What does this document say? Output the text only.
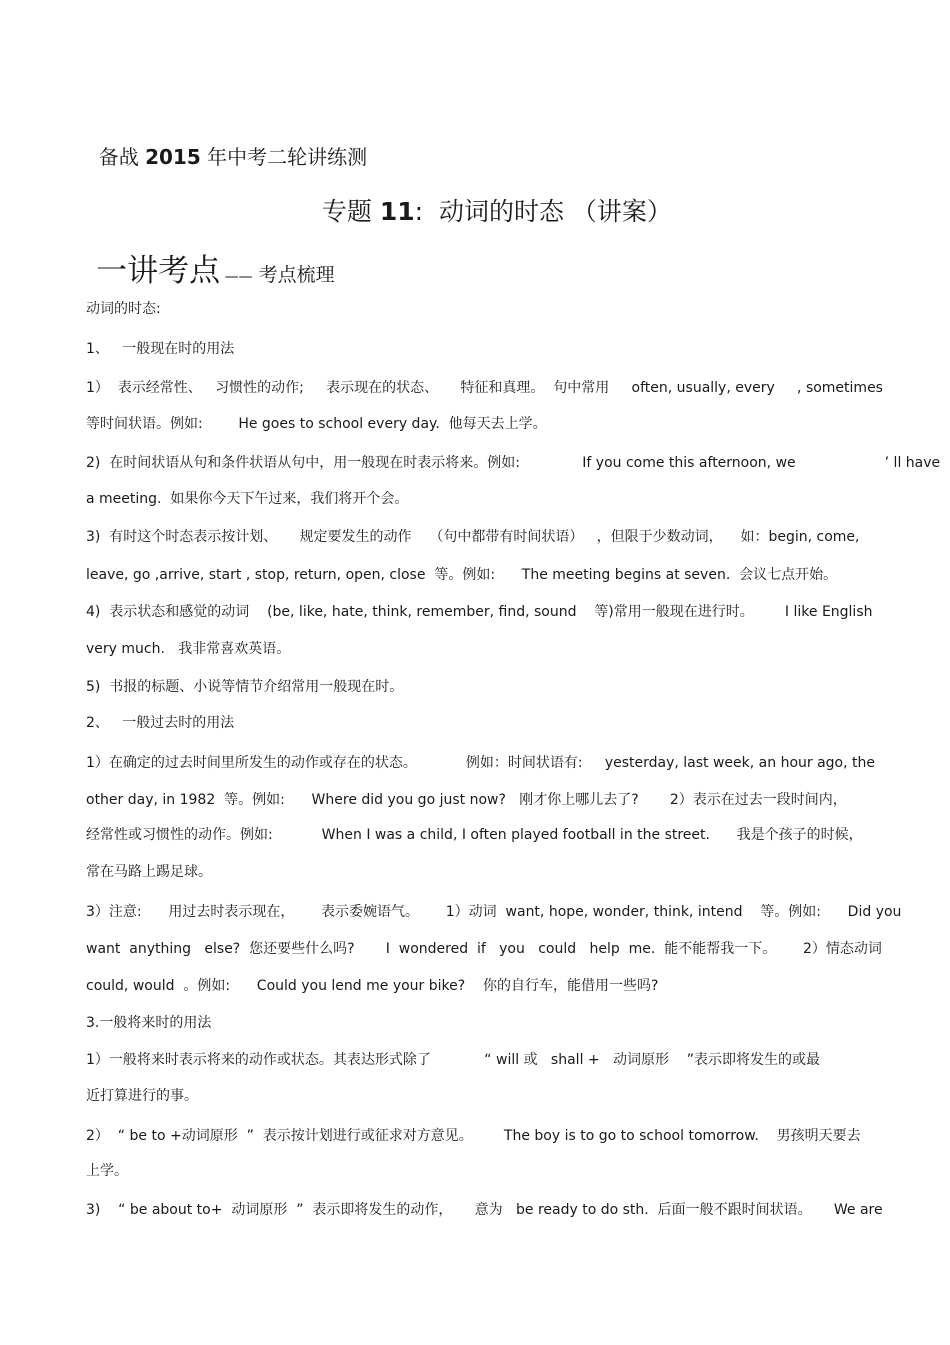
备战 2015 年中考二轮讲练测

专题 11:  动词的时态 （讲案）

一讲考点 —— 考点梳理

动词的时态:
1、   一般现在时的用法
1）  表示经常性、   习惯性的动作;     表示现在的状态、     特征和真理。  句中常用     often, usually, every     , sometimes
等时间状语。例如:        He goes to school every day.  他每天去上学。
2)  在时间状语从句和条件状语从句中，用一般现在时表示将来。例如:              If you come this afternoon, we                    ’ ll have
a meeting.  如果你今天下午过来，我们将开个会。
3)  有时这个时态表示按计划、     规定要发生的动作    （句中都带有时间状语）   ，但限于少数动词，    如：begin, come,
leave, go ,arrive, start , stop, return, open, close  等。例如:      The meeting begins at seven.  会议七点开始。
4)  表示状态和感觉的动词    (be, like, hate, think, remember, find, sound    等)常用一般现在进行时。       I like English
very much.   我非常喜欢英语。
5)  书报的标题、小说等情节介绍常用一般现在时。
2、   一般过去时的用法
1）在确定的过去时间里所发生的动作或存在的状态。           例如：时间状语有:     yesterday, last week, an hour ago, the
other day, in 1982  等。例如:      Where did you go just now?   刚才你上哪儿去了?       2）表示在过去一段时间内，
经常性或习惯性的动作。例如:           When I was a child, I often played football in the street.      我是个孩子的时候，
常在马路上踢足球。
3）注意:      用过去时表示现在，      表示委婉语气。      1）动词  want, hope, wonder, think, intend    等。例如:      Did you
want  anything   else?  您还要些什么吗?       I  wondered  if   you   could   help  me.  能不能帮我一下。      2）情态动词
could, would  。例如:      Could you lend me your bike?    你的自行车，能借用一些吗?
3.一般将来时的用法
1）一般将来时表示将来的动作或状态。其表达形式除了            “ will 或   shall +   动词原形    ”表示即将发生的或最
近打算进行的事。
2）  “ be to +动词原形  ”  表示按计划进行或征求对方意见。       The boy is to go to school tomorrow.    男孩明天要去
上学。
3)    “ be about to+  动词原形  ”  表示即将发生的动作，     意为   be ready to do sth.  后面一般不跟时间状语。     We are
